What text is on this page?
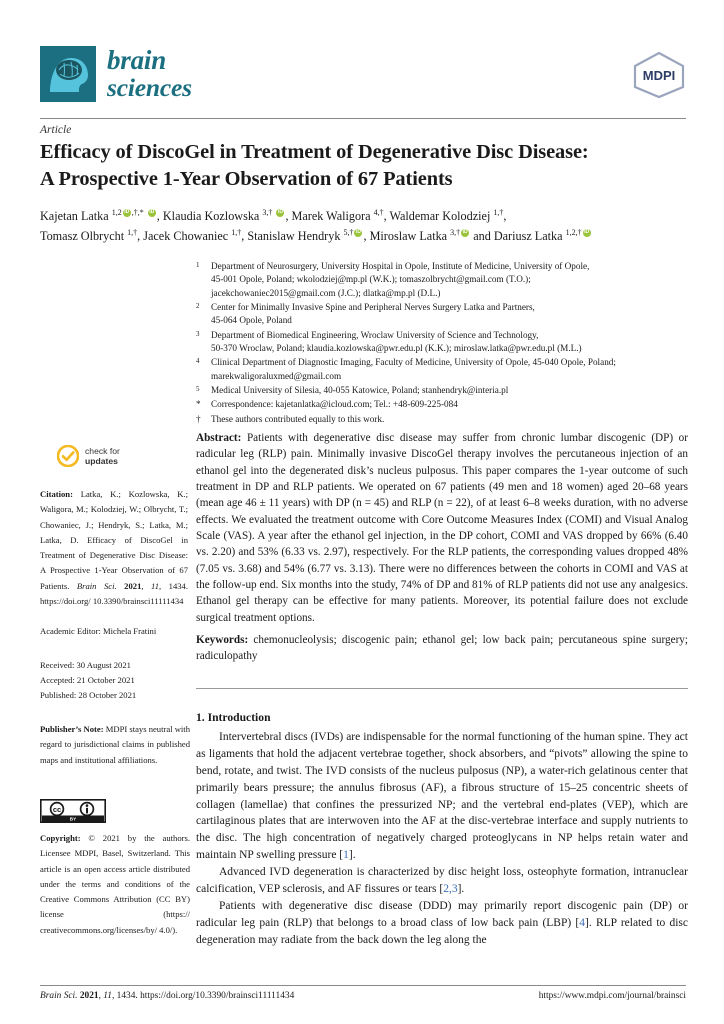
brain
sciences	MDPI
Article
Efficacy of DiscoGel in Treatment of Degenerative Disc Disease:
A Prospective 1-Year Observation of 67 Patients
Kajetan Latka $^{1,2}$ iD ,†,* iD , Klaudia Kozlowska $^{3,\dagger}$ iD , Marek Waligora $^{4,\dagger}$, Waldemar Kolodziej $^{1,\dagger}$,
Tomasz Olbrycht $^{1,\dagger}$, Jacek Chowaniec $^{1,\dagger}$, Stanislaw Hendryk $^{5,\dagger}$ iD , Miroslaw Latka $^{3,\dagger}$iD and Dariusz Latka $^{1,2,\dagger}$iD
1	Department of Neurosurgery, University Hospital in Opole, Institute of Medicine, University of Opole,
45-001 Opole, Poland; wkolodziej@mp.pl (W.K.); tomaszolbrycht@gmail.com (T.O.);
jacekchowaniec2015@gmail.com (J.C.); dlatka@mp.pl (D.L.)
2	Center for Minimally Invasive Spine and Peripheral Nerves Surgery Latka and Partners,
45-064 Opole, Poland
3	Department of Biomedical Engineering, Wroclaw University of Science and Technology,
50-370 Wroclaw, Poland; klaudia.kozlowska@pwr.edu.pl (K.K.); miroslaw.latka@pwr.edu.pl (M.L.)
4	Clinical Department of Diagnostic Imaging, Faculty of Medicine, University of Opole, 45-040 Opole, Poland;
marekwaligoraluxmed@gmail.com
5	Medical University of Silesia, 40-055 Katowice, Poland; stanhendryk@interia.pl
*	Correspondence: kajetanlatka@icloud.com; Tel.: +48-609-225-084
†	These authors contributed equally to this work.
Abstract: Patients with degenerative disc disease may suffer from chronic lumbar discogenic (DP) or radicular leg (RLP) pain. Minimally invasive DiscoGel therapy involves the percutaneous injection of an ethanol gel into the degenerated disk’s nucleus pulposus. This paper compares the 1-year outcome of such treatment in DP and RLP patients. We operated on 67 patients (49 men and 18 women) aged 20–68 years (mean age 46 ± 11 years) with DP (n = 45) and RLP (n = 22), of at least 6–8 weeks duration, with no adverse effects. We evaluated the treatment outcome with Core Outcome Measures Index (COMI) and Visual Analog Scale (VAS). A year after the ethanol gel injection, in the DP cohort, COMI and VAS dropped by 66% (6.40 vs. 2.20) and 53% (6.33 vs. 2.97), respectively. For the RLP patients, the corresponding values dropped 48% (7.05 vs. 3.68) and 54% (6.77 vs. 3.13). There were no differences between the cohorts in COMI and VAS at the follow-up end. Six months into the study, 74% of DP and 81% of RLP patients did not use any analgesics. Ethanol gel therapy can be effective for many patients. Moreover, its potential failure does not exclude surgical treatment options.
Keywords: chemonucleolysis; discogenic pain; ethanol gel; low back pain; percutaneous spine surgery; radiculopathy
check for
updates
Citation: Latka, K.; Kozlowska, K.; Waligora, M.; Kolodziej, W.; Olbrycht, T.; Chowaniec, J.; Hendryk, S.; Latka, M.; Latka, D. Efficacy of DiscoGel in Treatment of Degenerative Disc Disease: A Prospective 1-Year Observation of 67 Patients. Brain Sci. 2021, 11, 1434. https://doi.org/ 10.3390/brainsci11111434
Academic Editor: Michela Fratini
Received: 30 August 2021
Accepted: 21 October 2021
Published: 28 October 2021
Publisher’s Note: MDPI stays neutral with regard to jurisdictional claims in published maps and institutional affiliations.
cc
BY
Copyright: © 2021 by the authors. Licensee MDPI, Basel, Switzerland. This article is an open access article distributed under the terms and conditions of the Creative Commons Attribution (CC BY) license (https:// creativecommons.org/licenses/by/ 4.0/).
1. Introduction

Intervertebral discs (IVDs) are indispensable for the normal functioning of the human spine. They act as ligaments that hold the adjacent vertebrae together, shock absorbers, and “pivots” allowing the spine to bend, rotate, and twist. The IVD consists of the nucleus pulposus (NP), a water-rich gelatinous center that primarily bears pressure; the annulus fibrosus (AF), a fibrous structure of 15–25 concentric sheets of collagen (lamellae) that confines the pressurized NP; and the vertebral end-plates (VEP), which are cartilaginous plates that are interwoven into the AF at the disc-vertebrae interface and supply nutrients to the disc. The high concentration of negatively charged proteoglycans in NP helps retain water and maintain NP swelling pressure [1].

Advanced IVD degeneration is characterized by disc height loss, osteophyte formation, intranuclear calcification, VEP sclerosis, and AF fissures or tears [2,3].

Patients with degenerative disc disease (DDD) may primarily report discogenic pain (DP) or radicular leg pain (RLP) that belongs to a broad class of low back pain (LBP) [4]. RLP related to disc degeneration may radiate from the back down the leg along the

Brain Sci. 2021, 11, 1434. https://doi.org/10.3390/brainsci11111434	https://www.mdpi.com/journal/brainsci
